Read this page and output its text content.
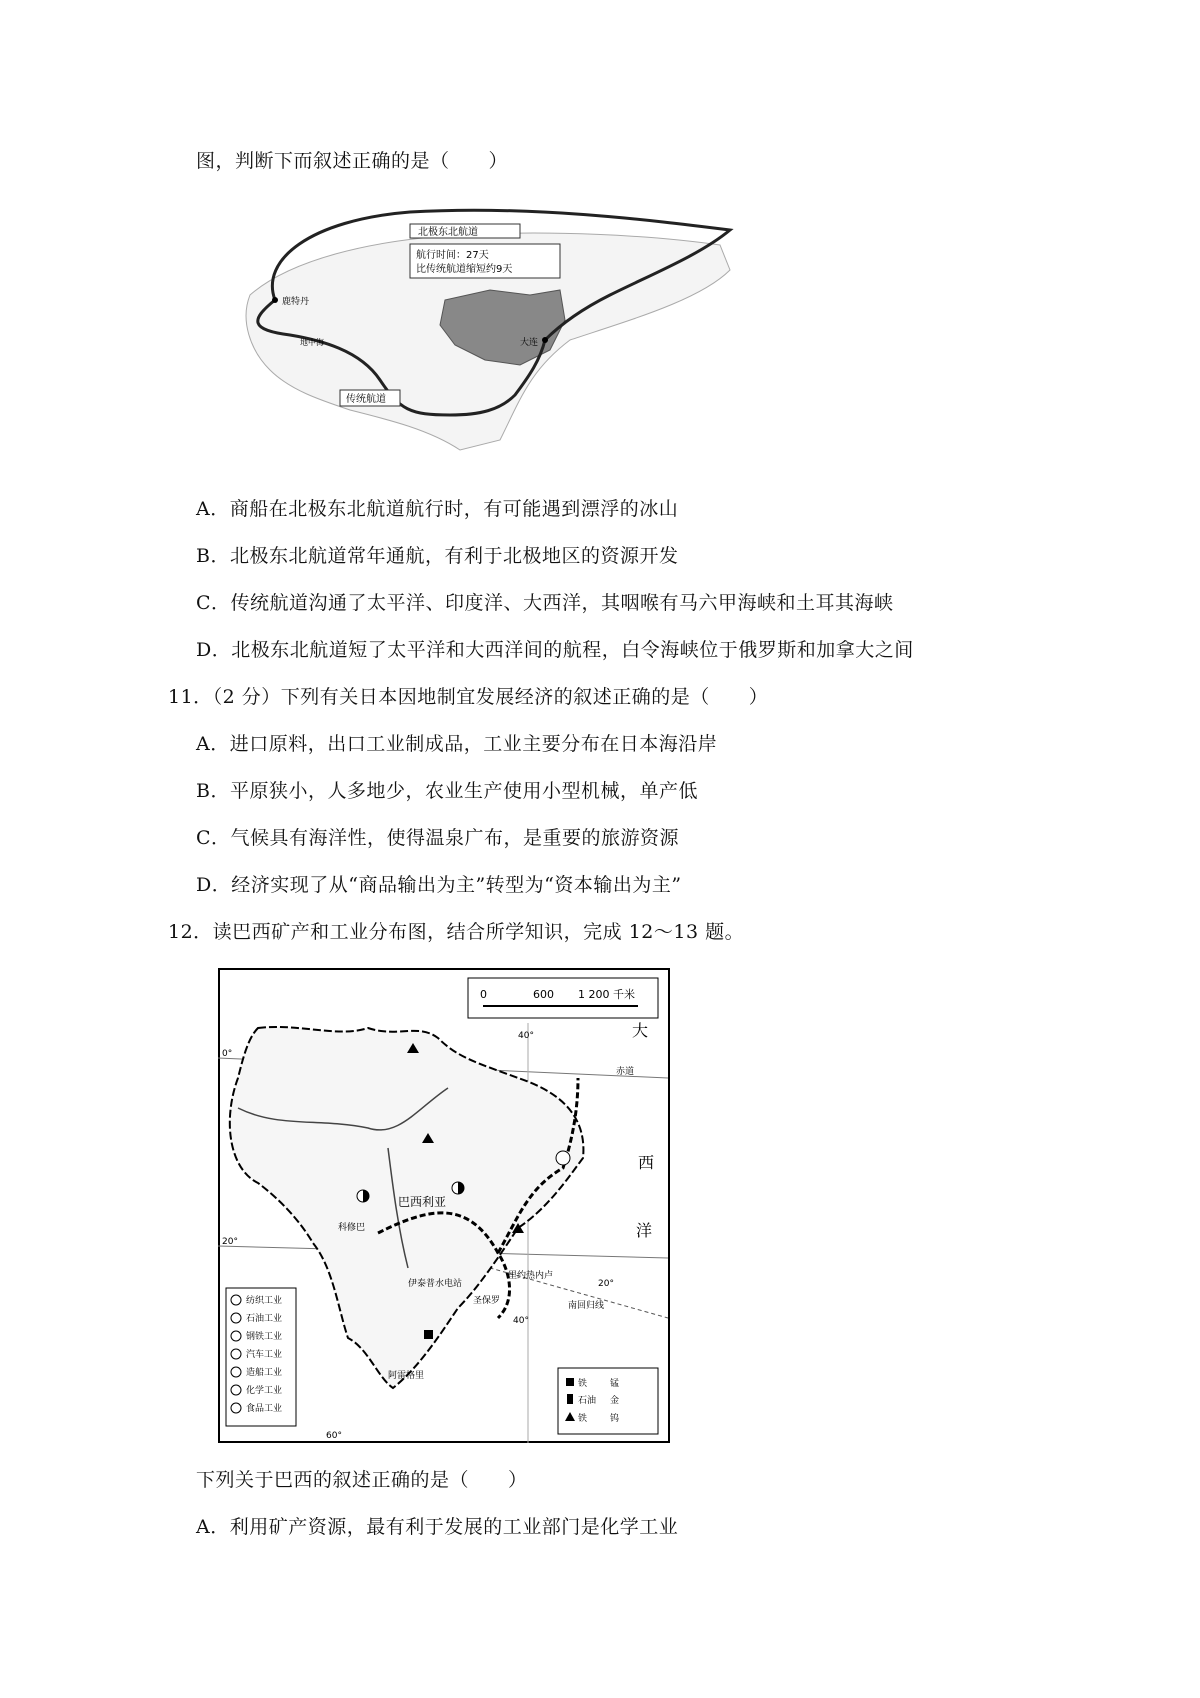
图，判断下而叙述正确的是（　　）
北极东北航道
航行时间：27天
比传统航道缩短约9天
传统航道
大连
鹿特丹
地中海
A．商船在北极东北航道航行时，有可能遇到漂浮的冰山
B．北极东北航道常年通航，有利于北极地区的资源开发
C．传统航道沟通了太平洋、印度洋、大西洋，其咽喉有马六甲海峡和土耳其海峡
D．北极东北航道短了太平洋和大西洋间的航程，白令海峡位于俄罗斯和加拿大之间
11．（2 分）下列有关日本因地制宜发展经济的叙述正确的是（　　）
A．进口原料，出口工业制成品，工业主要分布在日本海沿岸
B．平原狭小，人多地少，农业生产使用小型机械，单产低
C．气候具有海洋性，使得温泉广布，是重要的旅游资源
D．经济实现了从“商品输出为主”转型为“资本输出为主”
12．读巴西矿产和工业分布图，结合所学知识，完成 12～13 题。
0	600 1 200 千米
40°
0°
赤道
大
西
洋
20°
20°
南回归线
60°
40°
巴西利亚
科修巴
伊泰普水电站
里约热内卢
圣保罗
阿雷格里
纺织工业
石油工业
钢铁工业
汽车工业
造船工业
化学工业
食品工业
铁	锰
石油 金
铁	钨
下列关于巴西的叙述正确的是（　　）
A．利用矿产资源，最有利于发展的工业部门是化学工业
